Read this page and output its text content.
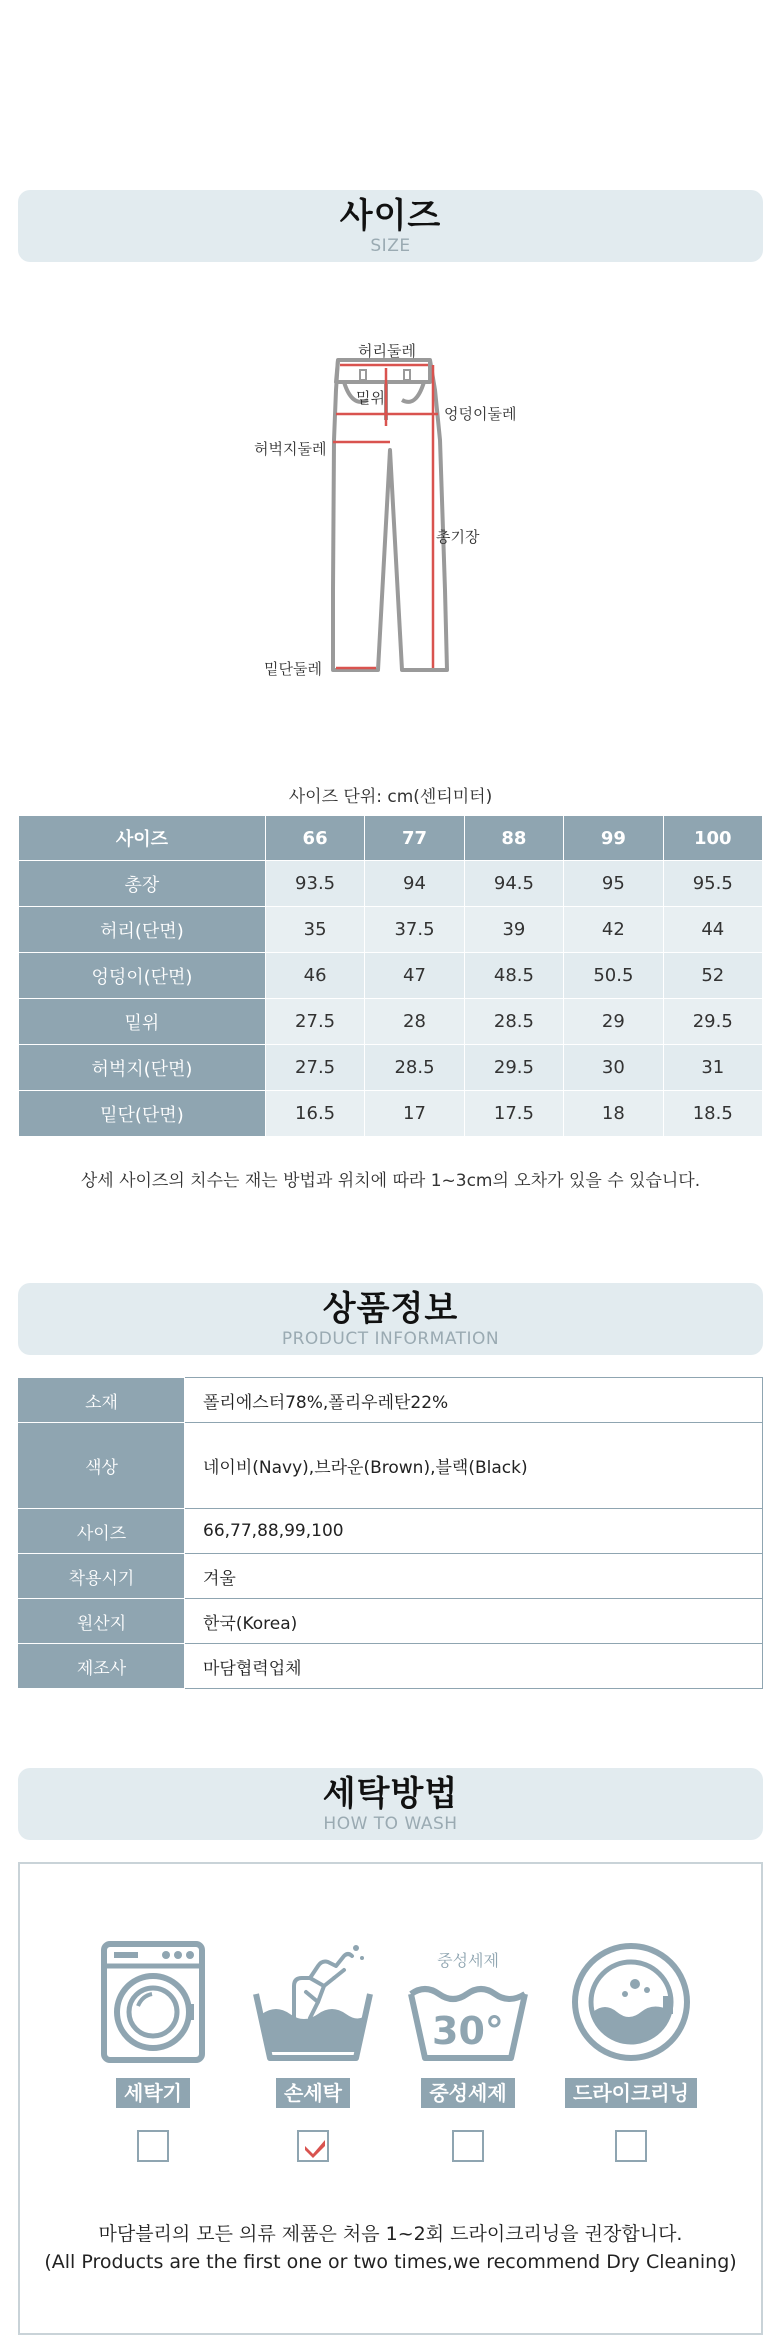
사이즈
SIZE
허리둘레
밑위
엉덩이둘레
허벅지둘레
총기장
밑단둘레
사이즈 단위: cm(센티미터)
사이즈	66	77	88	99	100
총장	93.5	94	94.5	95	95.5
허리(단면)	35	37.5	39	42	44
엉덩이(단면)	46	47	48.5	50.5	52
밑위	27.5	28	28.5	29	29.5
허벅지(단면)	27.5	28.5	29.5	30	31
밑단(단면)	16.5	17	17.5	18	18.5
상세 사이즈의 치수는 재는 방법과 위치에 따라 1~3cm의 오차가 있을 수 있습니다.
상품정보
PRODUCT INFORMATION
소재	폴리에스터78%,폴리우레탄22%
색상	네이비(Navy),브라운(Brown),블랙(Black)
사이즈	66,77,88,99,100
착용시기	겨울
원산지	한국(Korea)
제조사	마담협력업체
세탁방법
HOW TO WASH
세탁기	손세탁
중성세제
30°
중성세제	드라이크리닝
마담블리의 모든 의류 제품은 처음 1~2회 드라이크리닝을 권장합니다.
(All Products are the first one or two times,we recommend Dry Cleaning)
